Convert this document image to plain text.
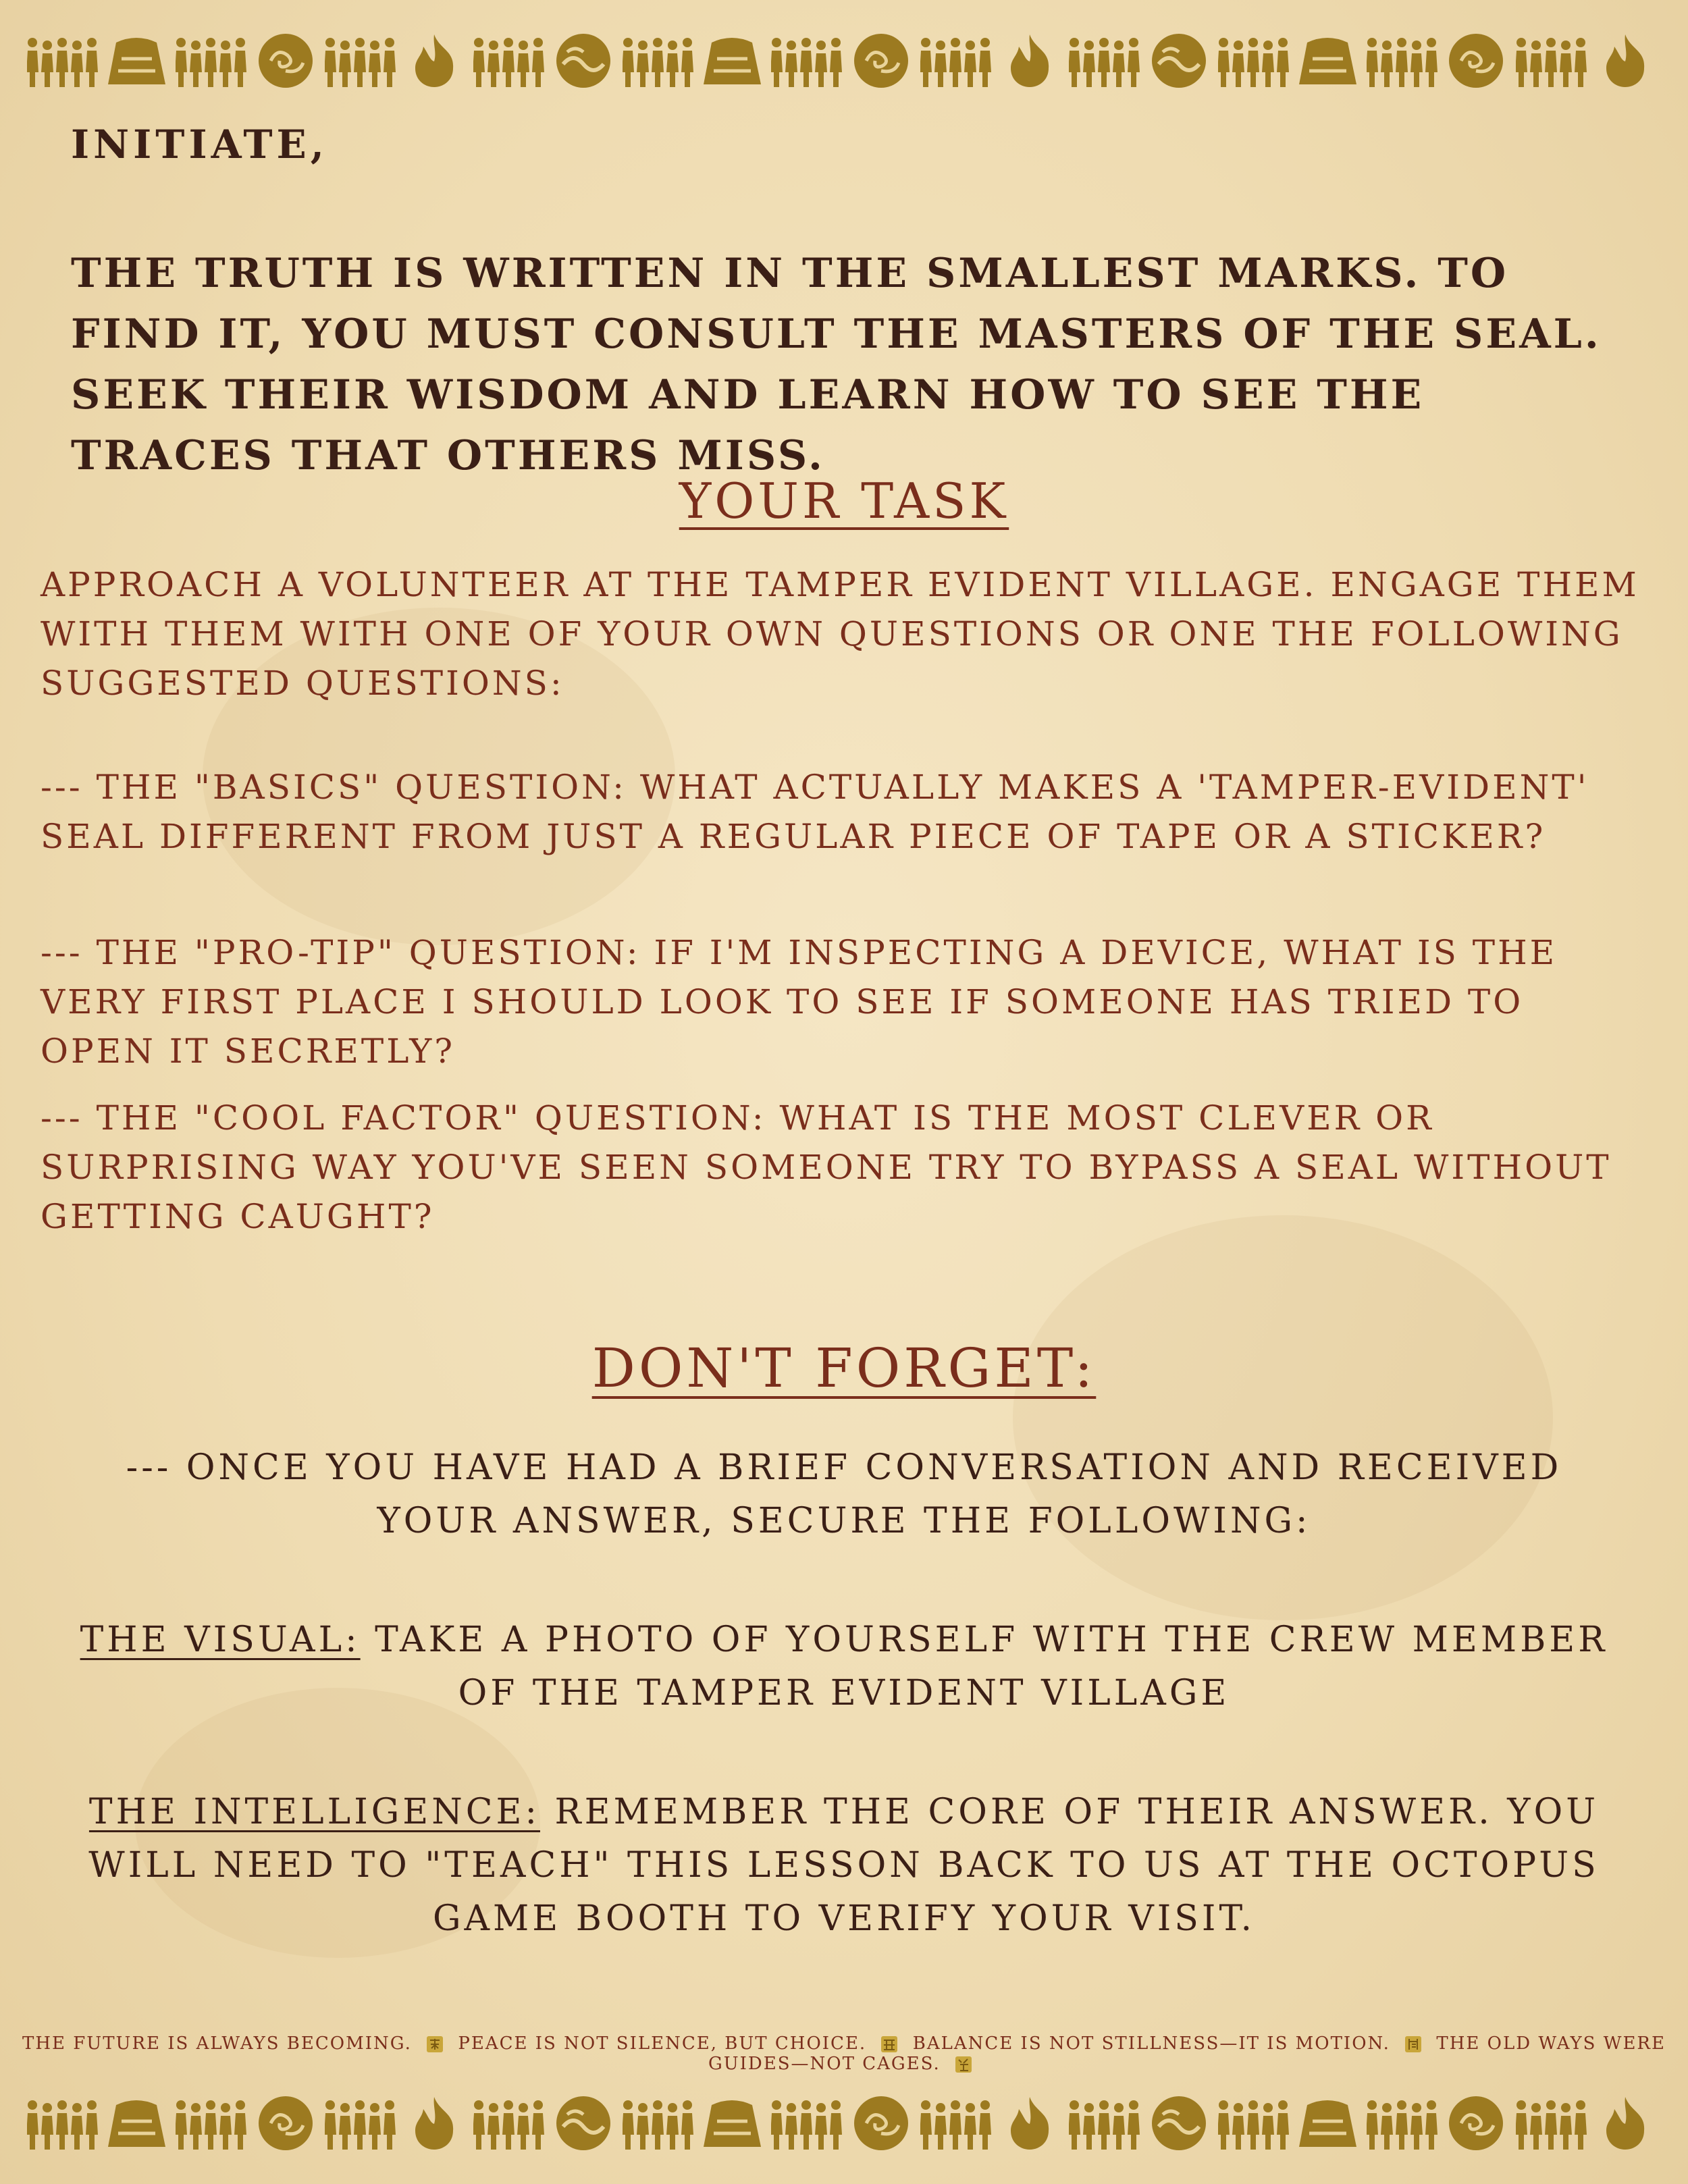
INITIATE,
THE TRUTH IS WRITTEN IN THE SMALLEST MARKS. TO FIND IT, YOU MUST CONSULT THE MASTERS OF THE SEAL. SEEK THEIR WISDOM AND LEARN HOW TO SEE THE TRACES THAT OTHERS MISS.
YOUR TASK
APPROACH A VOLUNTEER AT THE TAMPER EVIDENT VILLAGE. ENGAGE THEM WITH THEM WITH ONE OF YOUR OWN QUESTIONS OR ONE THE FOLLOWING SUGGESTED QUESTIONS:
--- THE "BASICS" QUESTION: WHAT ACTUALLY MAKES A 'TAMPER-EVIDENT' SEAL DIFFERENT FROM JUST A REGULAR PIECE OF TAPE OR A STICKER?
--- THE "PRO-TIP" QUESTION: IF I'M INSPECTING A DEVICE, WHAT IS THE VERY FIRST PLACE I SHOULD LOOK TO SEE IF SOMEONE HAS TRIED TO OPEN IT SECRETLY?
--- THE "COOL FACTOR" QUESTION: WHAT IS THE MOST CLEVER OR SURPRISING WAY YOU'VE SEEN SOMEONE TRY TO BYPASS A SEAL WITHOUT GETTING CAUGHT?
DON'T FORGET:
--- ONCE YOU HAVE HAD A BRIEF CONVERSATION AND RECEIVED YOUR ANSWER, SECURE THE FOLLOWING:
THE VISUAL: TAKE A PHOTO OF YOURSELF WITH THE CREW MEMBER OF THE TAMPER EVIDENT VILLAGE
THE INTELLIGENCE: REMEMBER THE CORE OF THEIR ANSWER. YOU WILL NEED TO "TEACH" THIS LESSON BACK TO US AT THE OCTOPUS GAME BOOTH TO VERIFY YOUR VISIT.
THE FUTURE IS ALWAYS BECOMING.	PEACE IS NOT SILENCE, BUT CHOICE.	BALANCE IS NOT STILLNESS—IT IS MOTION.	THE OLD WAYS WERE GUIDES—NOT CAGES.
